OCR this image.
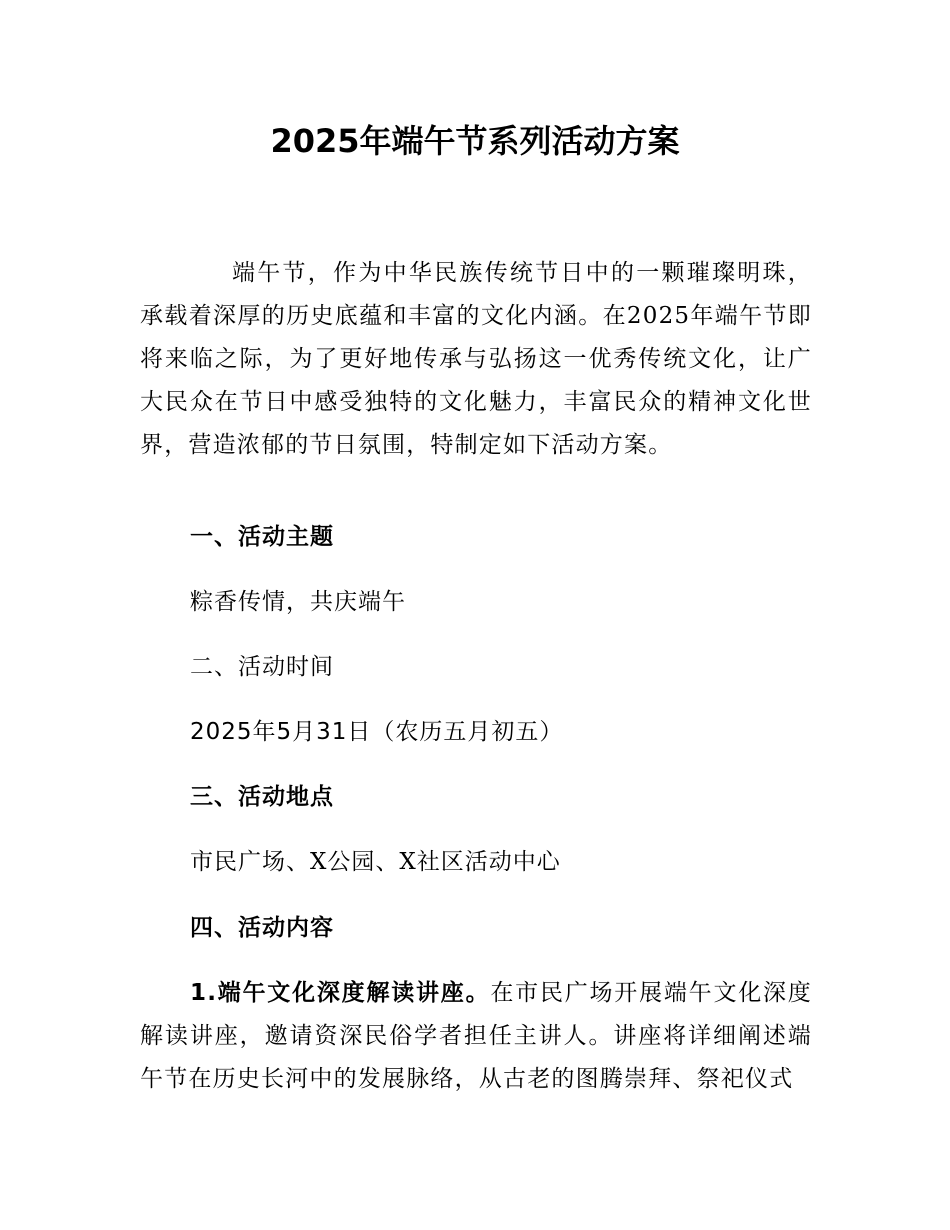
2025年端午节系列活动方案

端午节，作为中华民族传统节日中的一颗璀璨明珠，承载着深厚的历史底蕴和丰富的文化内涵。在2025年端午节即将来临之际，为了更好地传承与弘扬这一优秀传统文化，让广大民众在节日中感受独特的文化魅力，丰富民众的精神文化世界，营造浓郁的节日氛围，特制定如下活动方案。

一、活动主题

粽香传情，共庆端午

二、活动时间

2025年5月31日（农历五月初五）

三、活动地点

市民广场、X公园、X社区活动中心

四、活动内容

1.端午文化深度解读讲座。在市民广场开展端午文化深度解读讲座，邀请资深民俗学者担任主讲人。讲座将详细阐述端午节在历史长河中的发展脉络，从古老的图腾崇拜、祭祀仪式
